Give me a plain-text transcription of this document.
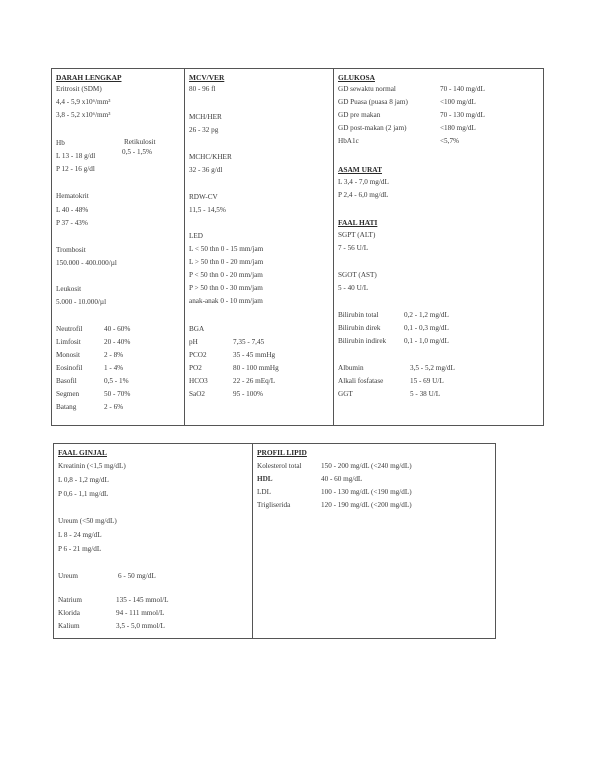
DARAH LENGKAP
Eritrosit (SDM)
4,4 - 5,9 x10⁶/mm³
3,8 - 5,2 x10⁶/mm³
Hb	Retikulosit
0,5 - 1,5%
L 13 - 18 g/dl
P 12 - 16 g/dl
Hematokrit
L 40 - 48%
P 37 - 43%
Trombosit
150.000 - 400.000/µl
Leukosit
5.000 - 10.000/µl
Neutrofil	40 - 60%
Limfosit	20 - 40%
Monosit	2 - 8%
Eosinofil	1 - 4%
Basofil	0,5 - 1%
Segmen	50 - 70%
Batang	2 - 6%
MCV/VER
80 - 96 fl
MCH/HER
26 - 32 pg
MCHC/KHER
32 - 36 g/dl
RDW-CV
11,5 - 14,5%
LED
L < 50 thn 0 - 15 mm/jam
L > 50 thn 0 - 20 mm/jam
P < 50 thn 0 - 20 mm/jam
P > 50 thn 0 - 30 mm/jam
anak-anak 0 - 10 mm/jam
BGA
pH	7,35 - 7,45
PCO2	35 - 45 mmHg
PO2	80 - 100 mmHg
HCO3	22 - 26 mEq/L
SaO2	95 - 100%
GLUKOSA
GD sewaktu normal	70 - 140 mg/dL
GD Puasa (puasa 8 jam)	<100 mg/dL
GD pre makan	70 - 130 mg/dL
GD post-makan (2 jam)	<180 mg/dL
HbA1c	<5,7%
ASAM URAT
L 3,4 - 7,0 mg/dL
P 2,4 - 6,0 mg/dL
FAAL HATI
SGPT (ALT)
7 - 56 U/L
SGOT (AST)
5 - 40 U/L
Bilirubin total	0,2 - 1,2 mg/dL
Bilirubin direk	0,1 - 0,3 mg/dL
Bilirubin indirek 0,1 - 1,0 mg/dL
Albumin	3,5 - 5,2 mg/dL
Alkali fosfatase	15 - 69 U/L
GGT	5 - 38 U/L
FAAL GINJAL
Kreatinin (<1,5 mg/dL)
L 0,8 - 1,2 mg/dL
P 0,6 - 1,1 mg/dL
Ureum (<50 mg/dL)
L 8 - 24 mg/dL
P 6 - 21 mg/dL
Ureum	6 - 50 mg/dL
Natrium	135 - 145 mmol/L
Klorida	94 - 111 mmol/L
Kalium	3,5 - 5,0 mmol/L
PROFIL LIPID
Kolesterol total	150 - 200 mg/dL (<240 mg/dL)
HDL	40 - 60 mg/dL
LDL	100 - 130 mg/dL (<190 mg/dL)
Trigliserida	120 - 190 mg/dL (<200 mg/dL)
